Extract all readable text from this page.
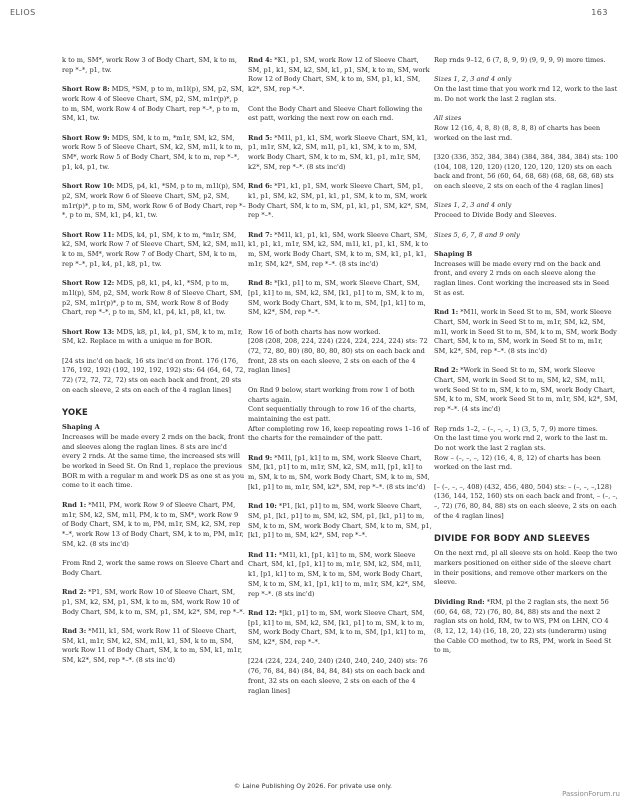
ELIOS	163

k to m, SM*, work Row 3 of Body Chart, SM, k to m, rep *–*, p1, tw.

Short Row 8: MDS, *SM, p to m, m1l(p), SM, p2, SM, work Row 4 of Sleeve Chart, SM, p2, SM, m1r(p)*, p to m, SM, work Row 4 of Body Chart, rep *–*, p to m, SM, k1, tw.

Short Row 9: MDS, SM, k to m, *m1r, SM, k2, SM, work Row 5 of Sleeve Chart, SM, k2, SM, m1l, k to m, SM*, work Row 5 of Body Chart, SM, k to m, rep *–*, p1, k4, p1, tw.

Short Row 10: MDS, p4, k1, *SM, p to m, m1l(p), SM, p2, SM, work Row 6 of Sleeve Chart, SM, p2, SM, m1r(p)*, p to m, SM, work Row 6 of Body Chart, rep *–*, p to m, SM, k1, p4, k1, tw.

Short Row 11: MDS, k4, p1, SM, k to m, *m1r, SM, k2, SM, work Row 7 of Sleeve Chart, SM, k2, SM, m1l, k to m, SM*, work Row 7 of Body Chart, SM, k to m, rep *–*, p1, k4, p1, k8, p1, tw.

Short Row 12: MDS, p8, k1, p4, k1, *SM, p to m, m1l(p), SM, p2, SM, work Row 8 of Sleeve Chart, SM, p2, SM, m1r(p)*, p to m, SM, work Row 8 of Body Chart, rep *–*, p to m, SM, k1, p4, k1, p8, k1, tw.

Short Row 13: MDS, k8, p1, k4, p1, SM, k to m, m1r, SM, k2. Replace m with a unique m for BOR.

[24 sts inc'd on back, 16 sts inc'd on front. 176 (176, 176, 192, 192) (192, 192, 192, 192) sts: 64 (64, 64, 72, 72) (72, 72, 72, 72) sts on each back and front, 20 sts on each sleeve, 2 sts on each of the 4 raglan lines]

YOKE

Shaping A
Increases will be made every 2 rnds on the back, front and sleeves along the raglan lines. 8 sts are inc'd every 2 rnds. At the same time, the increased sts will be worked in Seed St. On Rnd 1, replace the previous BOR m with a regular m and work DS as one st as you come to it each time.

Rnd 1: *M1l, PM, work Row 9 of Sleeve Chart, PM, m1r, SM, k2, SM, m1l, PM, k to m, SM*, work Row 9 of Body Chart, SM, k to m, PM, m1r, SM, k2, SM, rep *–*, work Row 13 of Body Chart, SM, k to m, PM, m1r, SM, k2. (8 sts inc'd)

From Rnd 2, work the same rows on Sleeve Chart and Body Chart.

Rnd 2: *P1, SM, work Row 10 of Sleeve Chart, SM, p1, SM, k2, SM, p1, SM, k to m, SM, work Row 10 of Body Chart, SM, k to m, SM, p1, SM, k2*, SM, rep *–*.

Rnd 3: *M1l, k1, SM, work Row 11 of Sleeve Chart, SM, k1, m1r, SM, k2, SM, m1l, k1, SM, k to m, SM, work Row 11 of Body Chart, SM, k to m, SM, k1, m1r, SM, k2*, SM, rep *–*. (8 sts inc'd)

Rnd 4: *K1, p1, SM, work Row 12 of Sleeve Chart, SM, p1, k1, SM, k2, SM, k1, p1, SM, k to m, SM, work Row 12 of Body Chart, SM, k to m, SM, p1, k1, SM, k2*, SM, rep *–*.

Cont the Body Chart and Sleeve Chart following the est patt, working the next row on each rnd.

Rnd 5: *M1l, p1, k1, SM, work Sleeve Chart, SM, k1, p1, m1r, SM, k2, SM, m1l, p1, k1, SM, k to m, SM, work Body Chart, SM, k to m, SM, k1, p1, m1r, SM, k2*, SM, rep *–*. (8 sts inc'd)

Rnd 6: *P1, k1, p1, SM, work Sleeve Chart, SM, p1, k1, p1, SM, k2, SM, p1, k1, p1, SM, k to m, SM, work Body Chart, SM, k to m, SM, p1, k1, p1, SM, k2*, SM, rep *–*.

Rnd 7: *M1l, k1, p1, k1, SM, work Sleeve Chart, SM, k1, p1, k1, m1r, SM, k2, SM, m1l, k1, p1, k1, SM, k to m, SM, work Body Chart, SM, k to m, SM, k1, p1, k1, m1r, SM, k2*, SM, rep *–*. (8 sts inc'd)

Rnd 8: *[k1, p1] to m, SM, work Sleeve Chart, SM, [p1, k1] to m, SM, k2, SM, [k1, p1] to m, SM, k to m, SM, work Body Chart, SM, k to m, SM, [p1, k1] to m, SM, k2*, SM, rep *–*.

Row 16 of both charts has now worked.
[208 (208, 208, 224, 224) (224, 224, 224, 224) sts: 72 (72, 72, 80, 80) (80, 80, 80, 80) sts on each back and front, 28 sts on each sleeve, 2 sts on each of the 4 raglan lines]

On Rnd 9 below, start working from row 1 of both charts again.
Cont sequentially through to row 16 of the charts, maintaining the est patt.
After completing row 16, keep repeating rows 1–16 of the charts for the remainder of the patt.

Rnd 9: *M1l, [p1, k1] to m, SM, work Sleeve Chart, SM, [k1, p1] to m, m1r, SM, k2, SM, m1l, [p1, k1] to m, SM, k to m, SM, work Body Chart, SM, k to m, SM, [k1, p1] to m, m1r, SM, k2*, SM, rep *–*. (8 sts inc'd)

Rnd 10: *P1, [k1, p1] to m, SM, work Sleeve Chart, SM, p1, [k1, p1] to m, SM, k2, SM, p1, [k1, p1] to m, SM, k to m, SM, work Body Chart, SM, k to m, SM, p1, [k1, p1] to m, SM, k2*, SM, rep *–*.

Rnd 11: *M1l, k1, [p1, k1] to m, SM, work Sleeve Chart, SM, k1, [p1, k1] to m, m1r, SM, k2, SM, m1l, k1, [p1, k1] to m, SM, k to m, SM, work Body Chart, SM, k to m, SM, k1, [p1, k1] to m, m1r, SM, k2*, SM, rep *–*. (8 sts inc'd)

Rnd 12: *[k1, p1] to m, SM, work Sleeve Chart, SM, [p1, k1] to m, SM, k2, SM, [k1, p1] to m, SM, k to m, SM, work Body Chart, SM, k to m, SM, [p1, k1] to m, SM, k2*, SM, rep *–*.

[224 (224, 224, 240, 240) (240, 240, 240, 240) sts: 76 (76, 76, 84, 84) (84, 84, 84, 84) sts on each back and front, 32 sts on each sleeve, 2 sts on each of the 4 raglan lines]

Rep rnds 9–12, 6 (7, 8, 9, 9) (9, 9, 9, 9) more times.

Sizes 1, 2, 3 and 4 only
On the last time that you work rnd 12, work to the last m. Do not work the last 2 raglan sts.

All sizes
Row 12 (16, 4, 8, 8) (8, 8, 8, 8) of charts has been worked on the last rnd.

[320 (336, 352, 384, 384) (384, 384, 384, 384) sts: 100 (104, 108, 120, 120) (120, 120, 120, 120) sts on each back and front, 56 (60, 64, 68, 68) (68, 68, 68, 68) sts on each sleeve, 2 sts on each of the 4 raglan lines]

Sizes 1, 2, 3 and 4 only
Proceed to Divide Body and Sleeves.

Sizes 5, 6, 7, 8 and 9 only

Shaping B
Increases will be made every rnd on the back and front, and every 2 rnds on each sleeve along the raglan lines. Cont working the increased sts in Seed St as est.

Rnd 1: *M1l, work in Seed St to m, SM, work Sleeve Chart, SM, work in Seed St to m, m1r, SM, k2, SM, m1l, work in Seed St to m, SM, k to m, SM, work Body Chart, SM, k to m, SM, work in Seed St to m, m1r, SM, k2*, SM, rep *–*. (8 sts inc'd)

Rnd 2: *Work in Seed St to m, SM, work Sleeve Chart, SM, work in Seed St to m, SM, k2, SM, m1l, work Seed St to m, SM, k to m, SM, work Body Chart, SM, k to m, SM, work Seed St to m, m1r, SM, k2*, SM, rep *–*. (4 sts inc'd)

Rep rnds 1–2, – (–, –, –, 1) (3, 5, 7, 9) more times.
On the last time you work rnd 2, work to the last m. Do not work the last 2 raglan sts.
Row – (–, –, –, 12) (16, 4, 8, 12) of charts has been worked on the last rnd.

[– (–, –, –, 408) (432, 456, 480, 504) sts: – (–, –, –,128) (136, 144, 152, 160) sts on each back and front, – (–, –, –, 72) (76, 80, 84, 88) sts on each sleeve, 2 sts on each of the 4 raglan lines]

DIVIDE FOR BODY AND SLEEVES

On the next rnd, pl all sleeve sts on hold. Keep the two markers positioned on either side of the sleeve chart in their positions, and remove other markers on the sleeve.

Dividing Rnd: *RM, pl the 2 raglan sts, the next 56 (60, 64, 68, 72) (76, 80, 84, 88) sts and the next 2 raglan sts on hold, RM, tw to WS, PM on LHN, CO 4 (8, 12, 12, 14) (16, 18, 20, 22) sts (underarm) using the Cable CO method, tw to RS, PM, work in Seed St to m,

© Laine Publishing Oy 2026. For private use only.
PassionForum.ru
